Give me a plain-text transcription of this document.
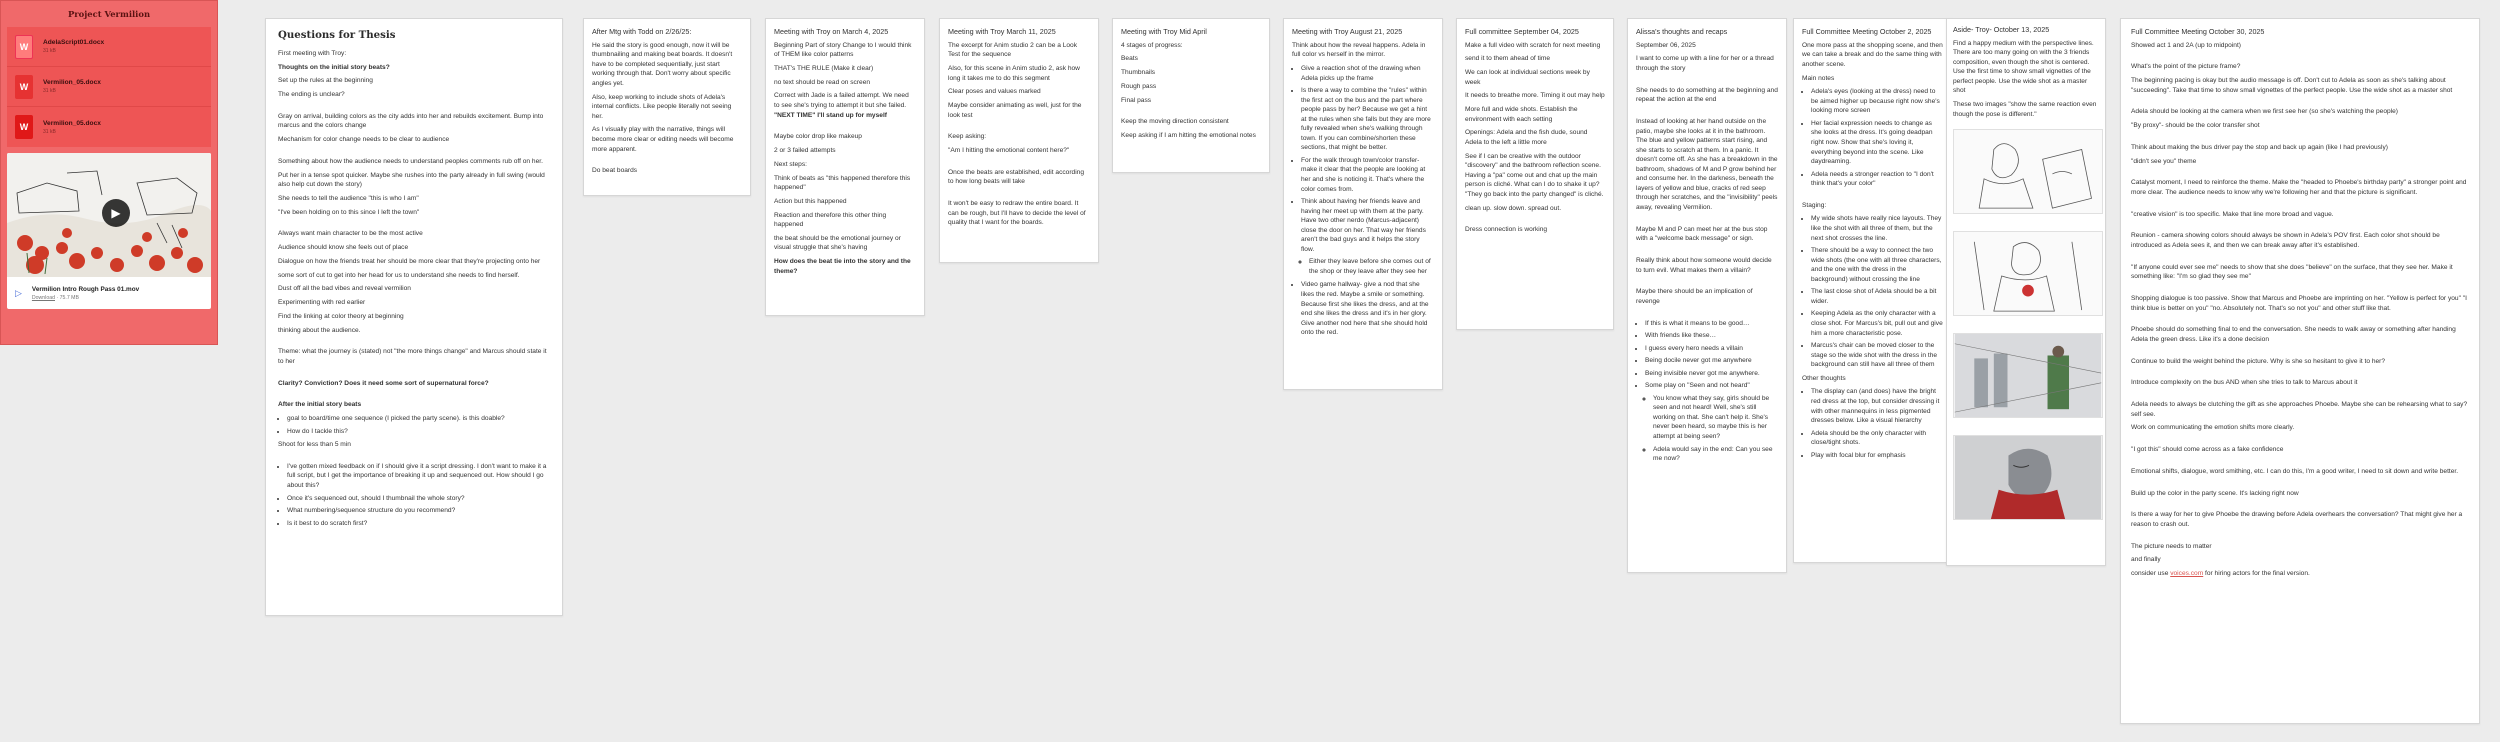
Project Vermilion
W	AdelaScript01.docx
31 kB
W	Vermilion_05.docx
31 kB
W	Vermilion_05.docx
31 kB
▶
▷ Vermilion Intro Rough Pass 01.mov
Download · 75.7 MB
Questions for Thesis

First meeting with Troy:

Thoughts on the initial story beats?

Set up the rules at the beginning

The ending is unclear?

Gray on arrival, building colors as the city adds into her and rebuilds excitement. Bump into marcus and the colors change

Mechanism for color change needs to be clear to audience

Something about how the audience needs to understand peoples comments rub off on her.

Put her in a tense spot quicker. Maybe she rushes into the party already in full swing (would also help cut down the story)

She needs to tell the audience "this is who I am"

"I've been holding on to this since I left the town"

Always want main character to be the most active

Audience should know she feels out of place

Dialogue on how the friends treat her should be more clear that they're projecting onto her

some sort of cut to get into her head for us to understand she needs to find herself.

Dust off all the bad vibes and reveal vermilion

Experimenting with red earlier

Find the linking at color theory at beginning

thinking about the audience.

Theme: what the journey is (stated) not "the more things change" and Marcus should state it to her

Clarity? Conviction? Does it need some sort of supernatural force?

After the initial story beats

• goal to board/time one sequence (I picked the party scene). is this doable?
• How do I tackle this?

Shoot for less than 5 min

• I've gotten mixed feedback on if I should give it a script dressing. I don't want to make it a full script, but I get the importance of breaking it up and sequenced out. How should I go about this?
• Once it's sequenced out, should I thumbnail the whole story?
• What numbering/sequence structure do you recommend?
• Is it best to do scratch first?
After Mtg with Todd on 2/26/25:

He said the story is good enough, now it will be thumbnailing and making beat boards. It doesn't have to be completed sequentially, just start working through that. Don't worry about specific angles yet.

Also, keep working to include shots of Adela's internal conflicts. Like people literally not seeing her.

As I visually play with the narrative, things will become more clear or editing needs will become more apparent.

Do beat boards

Meeting with Troy on March 4, 2025

Beginning Part of story Change to I would think of THEM like color patterns

THAT's THE RULE (Make it clear)

no text should be read on screen

Correct with Jade is a failed attempt. We need to see she's trying to attempt it but she failed. "NEXT TIME" I'll stand up for myself

Maybe color drop like makeup

2 or 3 failed attempts

Next steps:

Think of beats as "this happened therefore this happened"

Action but this happened

Reaction and therefore this other thing happened

the beat should be the emotional journey or visual struggle that she's having

How does the beat tie into the story and the theme?

Meeting with Troy March 11, 2025

The excerpt for Anim studio 2 can be a Look Test for the sequence

Also, for this scene in Anim studio 2, ask how long it takes me to do this segment

Clear poses and values marked

Maybe consider animating as well, just for the look test

Keep asking:

"Am I hitting the emotional content here?"

Once the beats are established, edit according to how long beats will take

It won't be easy to redraw the entire board. It can be rough, but I'll have to decide the level of quality that I want for the boards.

Meeting with Troy Mid April

4 stages of progress:

Beats

Thumbnails

Rough pass

Final pass

Keep the moving direction consistent

Keep asking if I am hitting the emotional notes

Meeting with Troy August 21, 2025

Think about how the reveal happens. Adela in full color vs herself in the mirror.

• Give a reaction shot of the drawing when Adela picks up the frame
• Is there a way to combine the "rules" within the first act on the bus and the part where people pass by her? Because we get a hint at the rules when she falls but they are more fully revealed when she's walking through town. If you can combine/shorten these sections, that might be better.
• For the walk through town/color transfer- make it clear that the people are looking at her and she is noticing it. That's where the color comes from.
• Think about having her friends leave and having her meet up with them at the party. Have two other nerdo (Marcus-adjacent) close the door on her. That way her friends aren't the bad guys and it helps the story flow.
◦ Either they leave before she comes out of the shop or they leave after they see her
• Video game hallway- give a nod that she likes the red. Maybe a smile or something. Because first she likes the dress, and at the end she likes the dress and it's in her glory. Give another nod here that she should hold onto the red.
Full committee September 04, 2025

Make a full video with scratch for next meeting

send it to them ahead of time

We can look at individual sections week by week

It needs to breathe more. Timing it out may help

More full and wide shots. Establish the environment with each setting

Openings: Adela and the fish dude, sound Adela to the left a little more

See if I can be creative with the outdoor "discovery" and the bathroom reflection scene. Having a "pa" come out and chat up the main person is cliché. What can I do to shake it up? "They go back into the party changed" is cliché.

clean up. slow down. spread out.

Dress connection is working

Alissa's thoughts and recaps

September 06, 2025

I want to come up with a line for her or a thread through the story

She needs to do something at the beginning and repeat the action at the end

Instead of looking at her hand outside on the patio, maybe she looks at it in the bathroom. The blue and yellow patterns start rising, and she starts to scratch at them. In a panic. It doesn't come off. As she has a breakdown in the bathroom, shadows of M and P grow behind her and consume her. In the darkness, beneath the layers of yellow and blue, cracks of red seep through her scratches, and the "invisibility" peels away, revealing Vermilion.

Maybe M and P can meet her at the bus stop with a "welcome back message" or sign.

Really think about how someone would decide to turn evil. What makes them a villain?

Maybe there should be an implication of revenge

• If this is what it means to be good…
• With friends like these…
• I guess every hero needs a villain
• Being docile never got me anywhere
• Being invisible never got me anywhere.
• Some play on "Seen and not heard"
◦ You know what they say, girls should be seen and not heard! Well, she's still working on that. She can't help it. She's never been heard, so maybe this is her attempt at being seen?
◦ Adela would say in the end: Can you see me now?
Full Committee Meeting October 2, 2025

One more pass at the shopping scene, and then we can take a break and do the same thing with another scene.

Main notes

• Adela's eyes (looking at the dress) need to be aimed higher up because right now she's looking more screen
• Her facial expression needs to change as she looks at the dress. It's going deadpan right now. Show that she's loving it, everything beyond into the scene. Like daydreaming.
• Adela needs a stronger reaction to "I don't think that's your color"

Staging:

• My wide shots have really nice layouts. They like the shot with all three of them, but the next shot crosses the line.
• There should be a way to connect the two wide shots (the one with all three characters, and the one with the dress in the background) without crossing the line
• The last close shot of Adela should be a bit wider.
• Keeping Adela as the only character with a close shot. For Marcus's bit, pull out and give him a more characteristic pose.
• Marcus's chair can be moved closer to the stage so the wide shot with the dress in the background can still have all three of them

Other thoughts

• The display can (and does) have the bright red dress at the top, but consider dressing it with other mannequins in less pigmented dresses below. Like a visual hierarchy
• Adela should be the only character with close/tight shots.
• Play with focal blur for emphasis
Aside- Troy- October 13, 2025

Find a happy medium with the perspective lines. There are too many going on with the 3 friends composition, even though the shot is centered. Use the first time to show small vignettes of the perfect people. Use the wide shot as a master shot

These two images "show the same reaction even though the pose is different."

Full Committee Meeting October 30, 2025

Showed act 1 and 2A (up to midpoint)

What's the point of the picture frame?

The beginning pacing is okay but the audio message is off. Don't cut to Adela as soon as she's talking about "succeeding". Take that time to show small vignettes of the perfect people. Use the wide shot as a master shot

Adela should be looking at the camera when we first see her (so she's watching the people)

"By proxy"- should be the color transfer shot

Think about making the bus driver pay the stop and back up again (like I had previously)

"didn't see you" theme

Catalyst moment, I need to reinforce the theme. Make the "headed to Phoebe's birthday party" a stronger point and more clear. The audience needs to know why we're following her and that the picture is significant.

"creative vision" is too specific. Make that line more broad and vague.

Reunion - camera showing colors should always be shown in Adela's POV first. Each color shot should be introduced as Adela sees it, and then we can break away after it's established.

"If anyone could ever see me" needs to show that she does "believe" on the surface, that they see her. Make it something like: "I'm so glad they see me"

Shopping dialogue is too passive. Show that Marcus and Phoebe are imprinting on her. "Yellow is perfect for you" "I think blue is better on you" "no. Absolutely not. That's so not you" and other stuff like that.

Phoebe should do something final to end the conversation. She needs to walk away or something after handing Adela the green dress. Like it's a done decision

Continue to build the weight behind the picture. Why is she so hesitant to give it to her?

Introduce complexity on the bus AND when she tries to talk to Marcus about it

Adela needs to always be clutching the gift as she approaches Phoebe. Maybe she can be rehearsing what to say? self see.

Work on communicating the emotion shifts more clearly.

"I got this" should come across as a fake confidence

Emotional shifts, dialogue, word smithing, etc. I can do this, I'm a good writer, I need to sit down and write better.

Build up the color in the party scene. It's lacking right now

Is there a way for her to give Phoebe the drawing before Adela overhears the conversation? That might give her a reason to crash out.

The picture needs to matter

and finally

consider use voices.com for hiring actors for the final version.
